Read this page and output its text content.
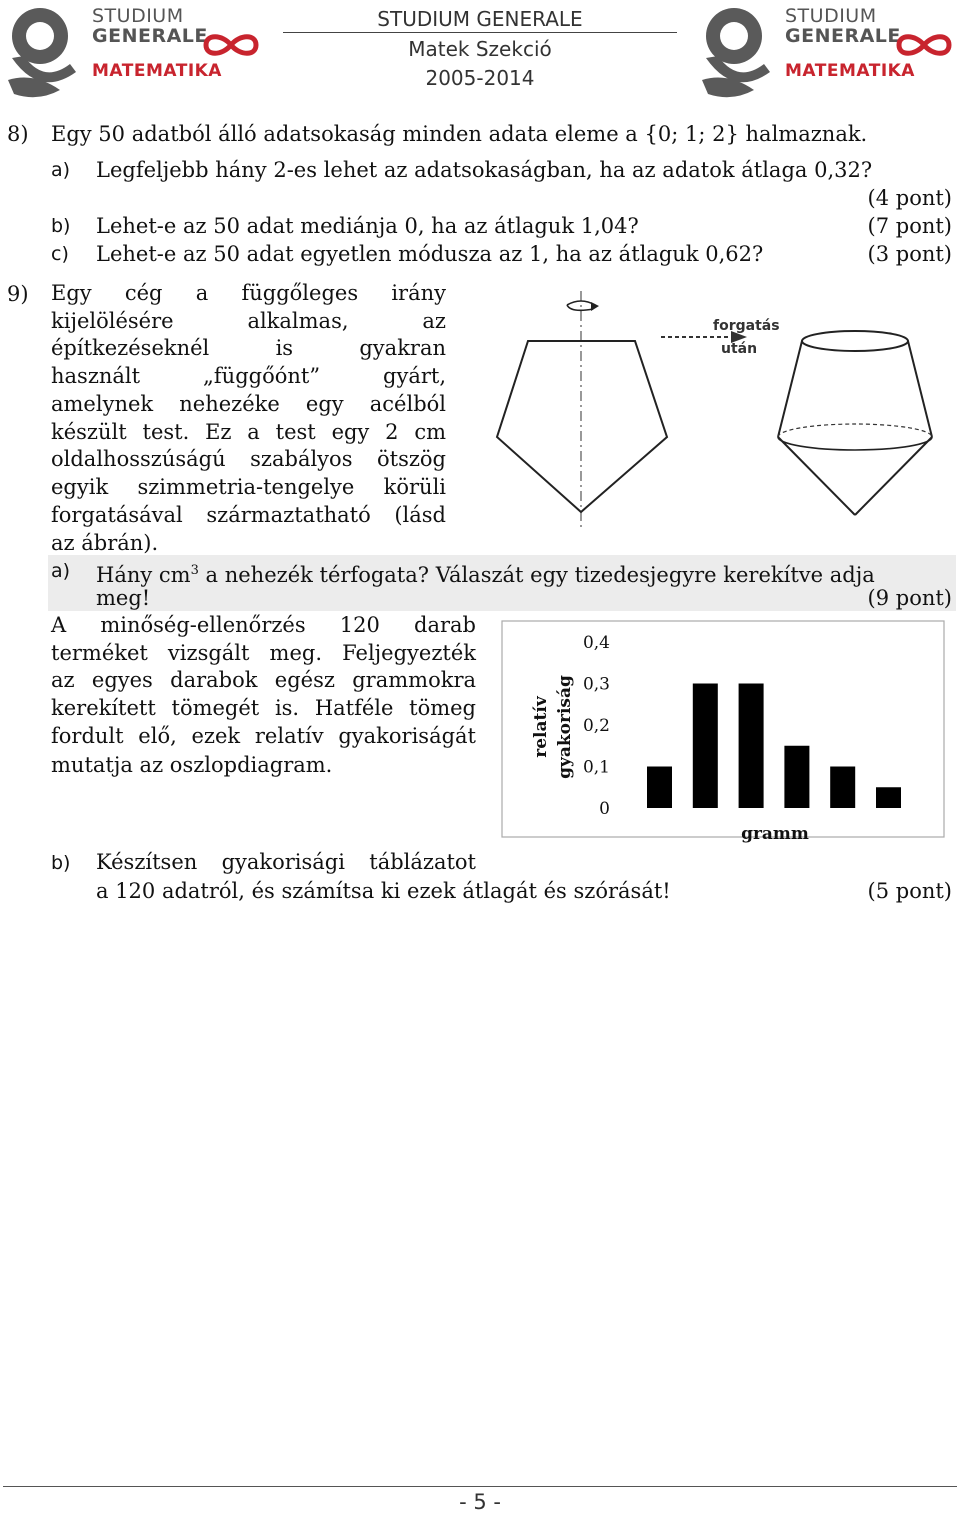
STUDIUM
GENERALE
MATEMATIKA
STUDIUM GENERALE
Matek Szekció
2005-2014
STUDIUM
GENERALE
MATEMATIKA
8) Egy 50 adatból álló adatsokaság minden adata eleme a {0; 1; 2} halmaznak.
a) Legfeljebb hány 2-es lehet az adatsokaságban, ha az adatok átlaga 0,32?
(4 pont)
b) Lehet-e az 50 adat mediánja 0, ha az átlaguk 1,04?	(7 pont)
c) Lehet-e az 50 adat egyetlen módusza az 1, ha az átlaguk 0,62?	(3 pont)
9) Egy cég a függőleges irány
kijelölésére alkalmas, az
építkezéseknél is gyakran
használt „függőónt” gyárt,
amelynek nehezéke egy acélból
készült test. Ez a test egy 2 cm
oldalhosszúságú szabályos ötszög
egyik szimmetria-tengelye körüli
forgatásával származtatható (lásd
az ábrán).
forgatás
után
a) Hány $cm^3$ a nehezék térfogata? Válaszát egy tizedesjegyre kerekítve adja
meg!	(9 pont)
A minőség-ellenőrzés 120 darab
terméket vizsgált meg. Feljegyezték
az egyes darabok egész grammokra
kerekített tömegét is. Hatféle tömeg
fordult elő, ezek relatív gyakoriságát
mutatja az oszlopdiagram.
relatív gyakoriság
0
0,1
0,2
0,3
0,4
gramm
b) Készítsen gyakorisági táblázatot
a 120 adatról, és számítsa ki ezek átlagát és szórását!	(5 pont)
- 5 -
